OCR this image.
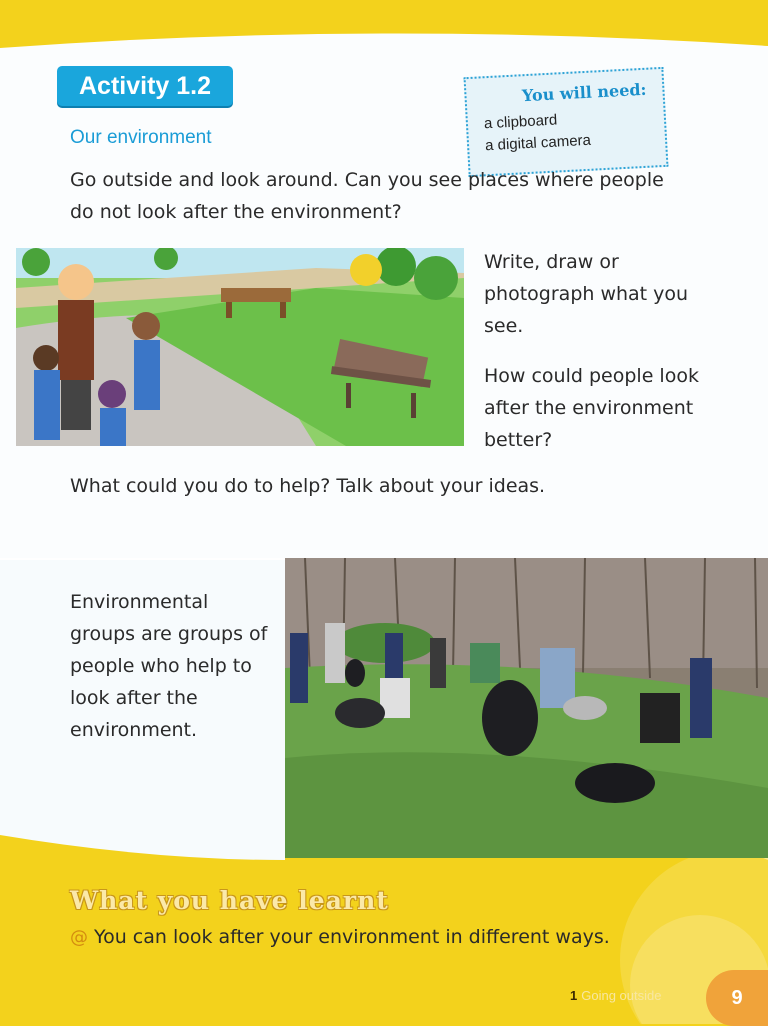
Activity 1.2
Our environment
You will need:
a clipboard
a digital camera

Go outside and look around. Can you see places where people do not look after the environment?

Write, draw or photograph what you see.

How could people look after the environment better?

What could you do to help? Talk about your ideas.

Environmental groups are groups of people who help to look after the environment.

What you have learnt
@ You can look after your environment in different ways.
1 Going outside	9
